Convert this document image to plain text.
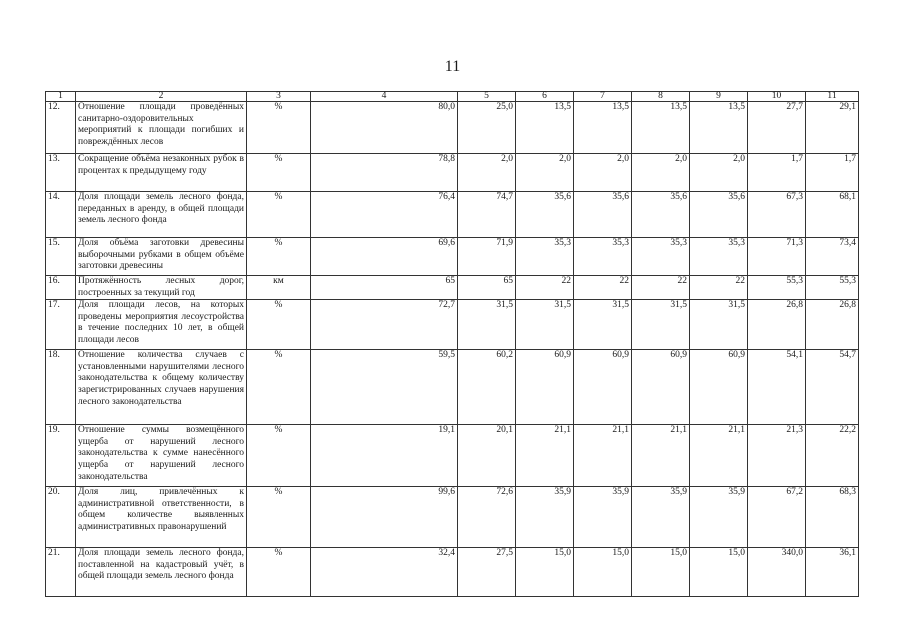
11
1	2	3	4	5	6	7	8	9	10	11
12.	Отношение площади проведённых санитарно-оздоровительных мероприятий к площади погибших и повреждённых лесов	%	80,0	25,0	13,5	13,5	13,5	13,5	27,7	29,1
13.	Сокращение объёма незаконных рубок в процентах к предыдущему году	%	78,8	2,0	2,0	2,0	2,0	2,0	1,7	1,7
14.	Доля площади земель лесного фонда, переданных в аренду, в общей площади земель лесного фонда	%	76,4	74,7	35,6	35,6	35,6	35,6	67,3	68,1
15.	Доля объёма заготовки древесины выборочными рубками в общем объёме заготовки древесины	%	69,6	71,9	35,3	35,3	35,3	35,3	71,3	73,4
16.	Протяжённость лесных дорог, построенных за текущий год	км	65	65	22	22	22	22	55,3	55,3
17.	Доля площади лесов, на которых проведены мероприятия лесоустройства в течение последних 10 лет, в общей площади лесов	%	72,7	31,5	31,5	31,5	31,5	31,5	26,8	26,8
18.	Отношение количества случаев с установленными нарушителями лесного законодательства к общему количеству зарегистрированных случаев нарушения лесного законодательства	%	59,5	60,2	60,9	60,9	60,9	60,9	54,1	54,7
19.	Отношение суммы возмещённого ущерба от нарушений лесного законодательства к сумме нанесённого ущерба от нарушений лесного законодательства	%	19,1	20,1	21,1	21,1	21,1	21,1	21,3	22,2
20.	Доля лиц, привлечённых к административной ответственности, в общем количестве выявленных административных правонарушений	%	99,6	72,6	35,9	35,9	35,9	35,9	67,2	68,3
21.	Доля площади земель лесного фонда, поставленной на кадастровый учёт, в общей площади земель лесного фонда	%	32,4	27,5	15,0	15,0	15,0	15,0	340,0	36,1
